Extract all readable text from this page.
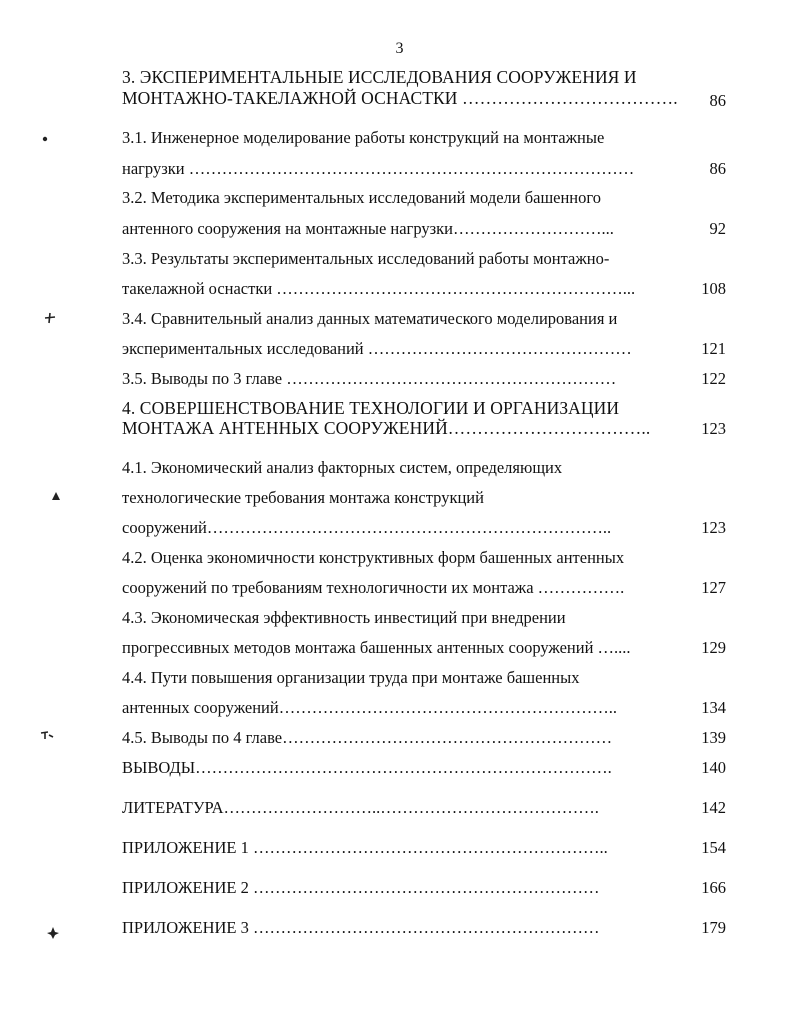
3
3. ЭКСПЕРИМЕНТАЛЬНЫЕ ИССЛЕДОВАНИЯ СООРУЖЕНИЯ И
МОНТАЖНО-ТАКЕЛАЖНОЙ ОСНАСТКИ ……………………………….	86
3.1. Инженерное моделирование работы конструкций на монтажные
нагрузки ………………………………………………………………………	86
3.2. Методика экспериментальных исследований модели башенного
антенного сооружения на монтажные нагрузки………………………...	92
3.3. Результаты экспериментальных исследований работы монтажно-
такелажной оснастки ………………………………………………………...	108
3.4. Сравнительный анализ данных математического моделирования и
экспериментальных исследований …………………………………………	121
3.5. Выводы по 3 главе ……………………………………………………	122
4. СОВЕРШЕНСТВОВАНИЕ ТЕХНОЛОГИИ И ОРГАНИЗАЦИИ
МОНТАЖА АНТЕННЫХ СООРУЖЕНИЙ……………………………..	123
4.1. Экономический анализ факторных систем, определяющих
технологические требования монтажа конструкций
сооружений………………………………………………………………..	123
4.2. Оценка экономичности конструктивных форм башенных антенных
сооружений по требованиям технологичности их монтажа …………….	127
4.3. Экономическая эффективность инвестиций при внедрении
прогрессивных методов монтажа башенных антенных сооружений …....	129
4.4. Пути повышения организации труда при монтаже башенных
антенных сооружений……………………………………………………..	134
4.5. Выводы по 4 главе……………………………………………………	139
ВЫВОДЫ………………………………………………………………….	140
ЛИТЕРАТУРА………………………..………………………………….	142
ПРИЛОЖЕНИЕ 1 ………………………………………………………..	154
ПРИЛОЖЕНИЕ 2 ………………………………………………………	166
ПРИЛОЖЕНИЕ 3 ………………………………………………………	179
